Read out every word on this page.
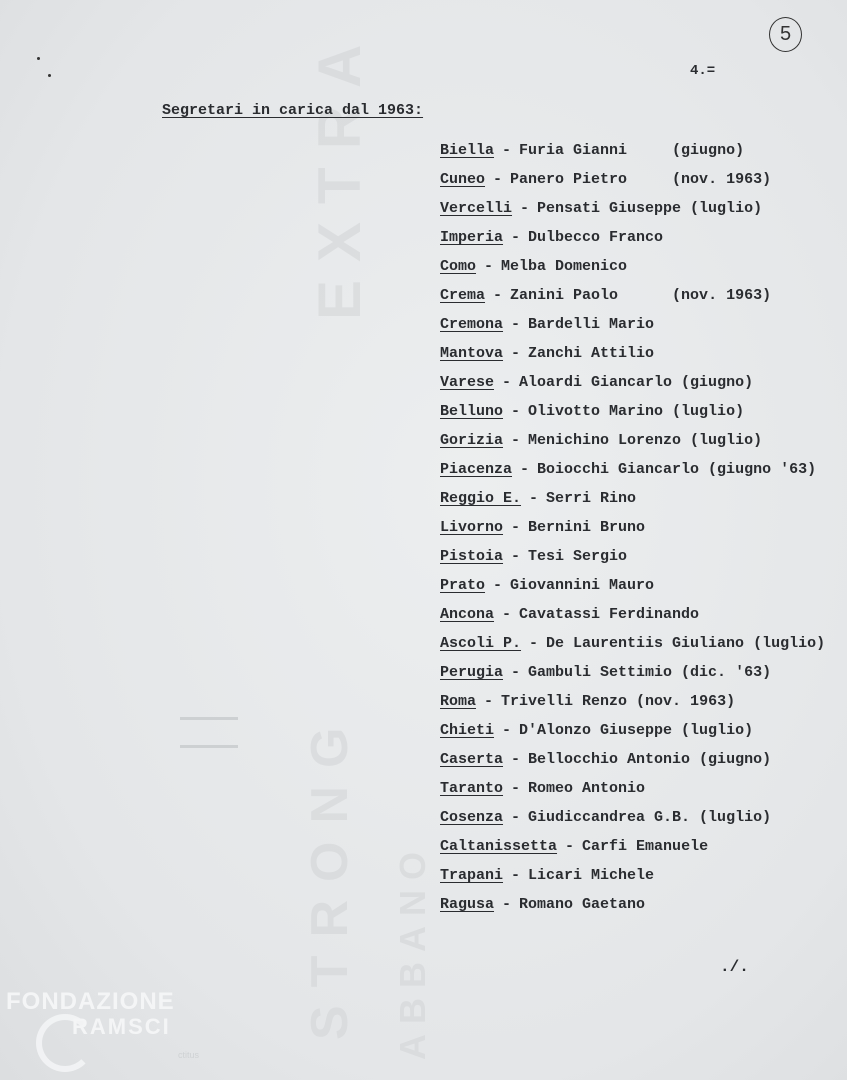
EXTRA
STRONG ABBANO
5
4.=
Segretari in carica dal 1963:
Biella - Furia Gianni     (giugno)
Cuneo - Panero Pietro     (nov. 1963)
Vercelli - Pensati Giuseppe (luglio)
Imperia - Dulbecco Franco
Como - Melba Domenico
Crema - Zanini Paolo      (nov. 1963)
Cremona - Bardelli Mario
Mantova - Zanchi Attilio
Varese - Aloardi Giancarlo (giugno)
Belluno - Olivotto Marino (luglio)
Gorizia - Menichino Lorenzo (luglio)
Piacenza - Boiocchi Giancarlo (giugno '63)
Reggio E. - Serri Rino
Livorno - Bernini Bruno
Pistoia - Tesi Sergio
Prato - Giovannini Mauro
Ancona - Cavatassi Ferdinando
Ascoli P. - De Laurentiis Giuliano (luglio)
Perugia - Gambuli Settimio (dic. '63)
Roma - Trivelli Renzo (nov. 1963)
Chieti - D'Alonzo Giuseppe (luglio)
Caserta - Bellocchio Antonio (giugno)
Taranto - Romeo Antonio
Cosenza - Giudiccandrea G.B. (luglio)
Caltanissetta - Carfi Emanuele
Trapani - Licari Michele
Ragusa - Romano Gaetano
./.
FONDAZIONE
RAMSCI
ctitus
